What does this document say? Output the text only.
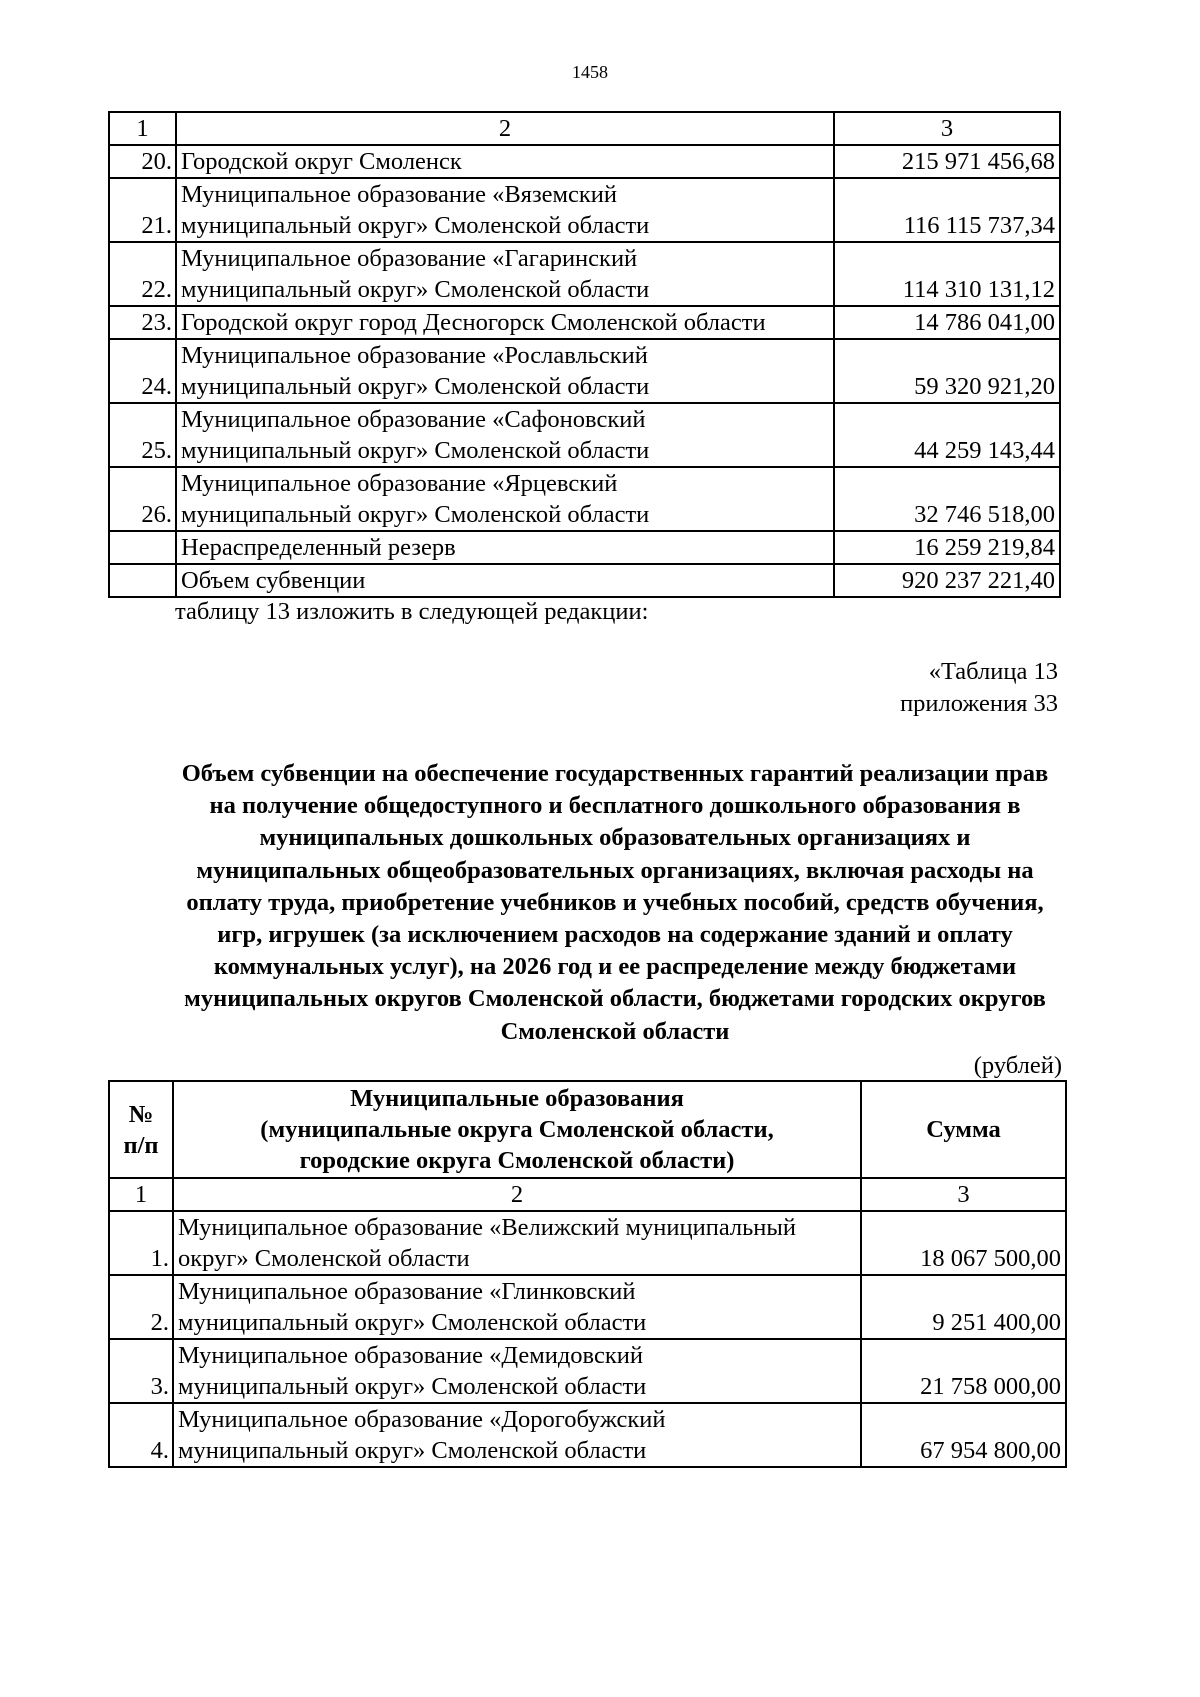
1458
1	2	3
20.	Городской округ Смоленск	215 971 456,68
21.	Муниципальное образование «Вяземский
муниципальный округ» Смоленской области	116 115 737,34
22.	Муниципальное образование «Гагаринский
муниципальный округ» Смоленской области	114 310 131,12
23.	Городской округ город Десногорск Смоленской области	14 786 041,00
24.	Муниципальное образование «Рославльский
муниципальный округ» Смоленской области	59 320 921,20
25.	Муниципальное образование «Сафоновский
муниципальный округ» Смоленской области	44 259 143,44
26.	Муниципальное образование «Ярцевский
муниципальный округ» Смоленской области	32 746 518,00

	Нераспределенный резерв	16 259 219,84

	Объем субвенции	920 237 221,40
таблицу 13 изложить в следующей редакции:
«Таблица 13
приложения 33
Объем субвенции на обеспечение государственных гарантий реализации прав
на получение общедоступного и бесплатного дошкольного образования в
муниципальных дошкольных образовательных организациях и
муниципальных общеобразовательных организациях, включая расходы на
оплату труда, приобретение учебников и учебных пособий, средств обучения,
игр, игрушек (за исключением расходов на содержание зданий и оплату
коммунальных услуг), на 2026 год и ее распределение между бюджетами
муниципальных округов Смоленской области, бюджетами городских округов
Смоленской области
(рублей)
№
п/п	Муниципальные образования
(муниципальные округа Смоленской области,
городские округа Смоленской области)	Сумма
1	2	3
1.	Муниципальное образование «Велижский муниципальный
округ» Смоленской области	18 067 500,00
2.	Муниципальное образование «Глинковский
муниципальный округ» Смоленской области	9 251 400,00
3.	Муниципальное образование «Демидовский
муниципальный округ» Смоленской области	21 758 000,00
4.	Муниципальное образование «Дорогобужский
муниципальный округ» Смоленской области	67 954 800,00
